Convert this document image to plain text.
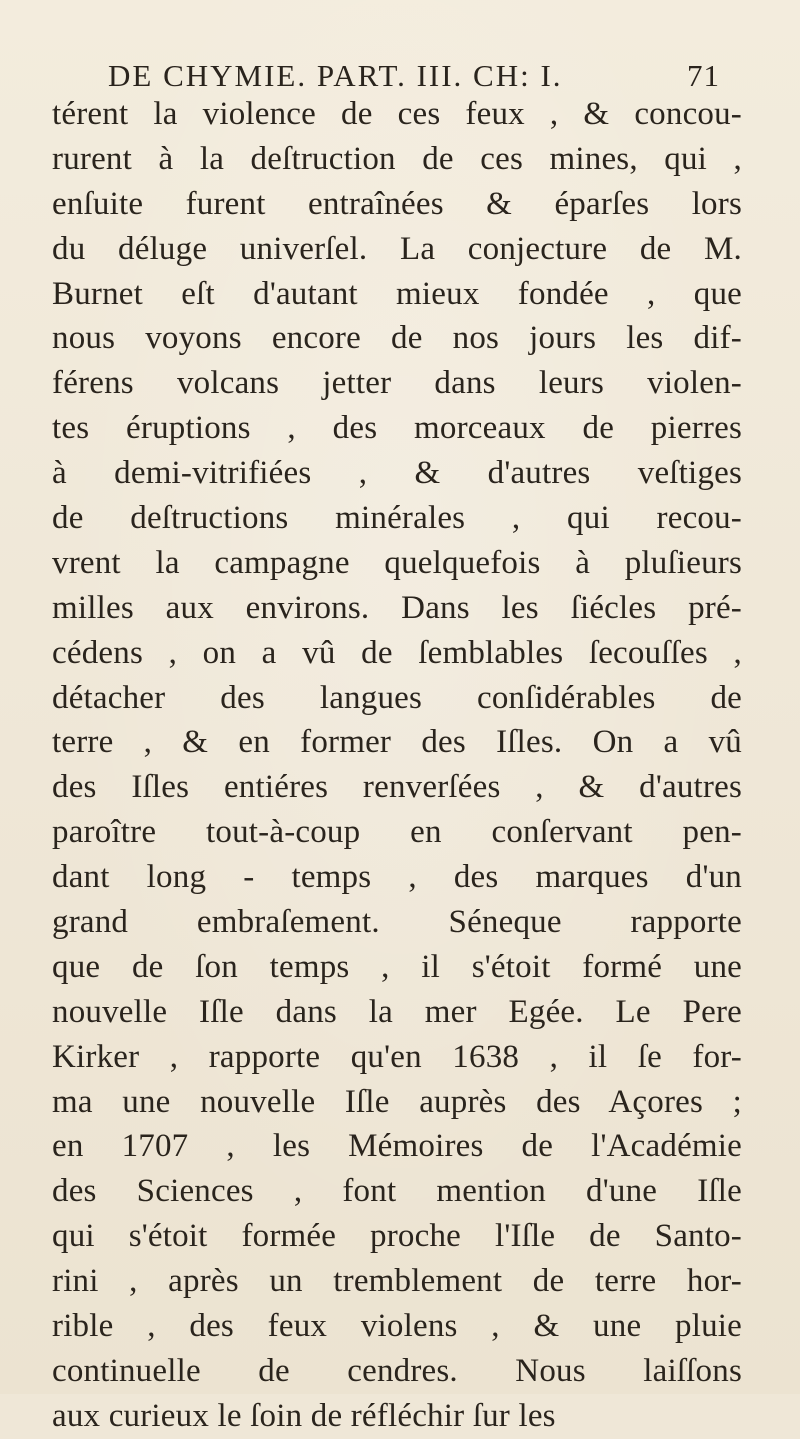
DE CHYMIE. PART. III. CH: I.	71
térent la violence de ces feux , & concou-
rurent à la deſtruction de ces mines, qui ,
enſuite furent entraînées & éparſes lors
du déluge univerſel. La conjecture de M.
Burnet eſt d'autant mieux fondée , que
nous voyons encore de nos jours les dif-
férens volcans jetter dans leurs violen-
tes éruptions , des morceaux de pierres
à demi-vitrifiées , & d'autres veſtiges
de deſtructions minérales , qui recou-
vrent la campagne quelquefois à pluſieurs
milles aux environs. Dans les ſiécles pré-
cédens , on a vû de ſemblables ſecouſſes ,
détacher des langues conſidérables de
terre , & en former des Iſles. On a vû
des Iſles entiéres renverſées , & d'autres
paroître tout-à-coup en conſervant pen-
dant long - temps , des marques d'un
grand embraſement. Séneque rapporte
que de ſon temps , il s'étoit formé une
nouvelle Iſle dans la mer Egée. Le Pere
Kirker , rapporte qu'en 1638 , il ſe for-
ma une nouvelle Iſle auprès des Açores ;
en 1707 , les Mémoires de l'Académie
des Sciences , font mention d'une Iſle
qui s'étoit formée proche l'Iſle de Santo-
rini , après un tremblement de terre hor-
rible , des feux violens , & une pluie
continuelle de cendres. Nous laiſſons
aux curieux le ſoin de réfléchir ſur les
